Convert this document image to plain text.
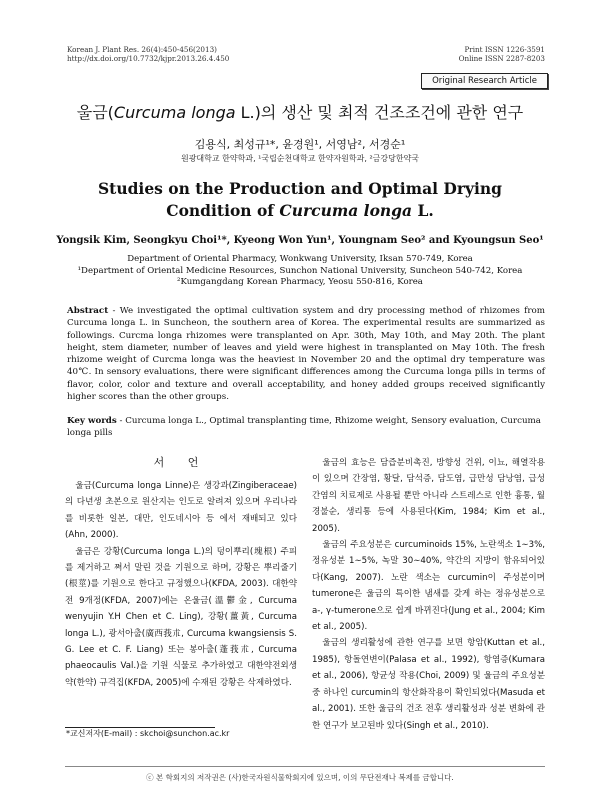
Korean J. Plant Res. 26(4):450-456(2013)
http://dx.doi.org/10.7732/kjpr.2013.26.4.450
Print ISSN 1226-3591
Online ISSN 2287-8203
Original Research Article
울금(Curcuma longa L.)의 생산 및 최적 건조조건에 관한 연구
김용식, 최성규¹*, 윤경원¹, 서영남², 서경순¹
원광대학교 한약학과, ¹국립순천대학교 한약자원학과, ²금강당한약국
Studies on the Production and Optimal Drying Condition of Curcuma longa L.
Yongsik Kim, Seongkyu Choi¹*, Kyeong Won Yun¹, Youngnam Seo² and Kyoungsun Seo¹
Department of Oriental Pharmacy, Wonkwang University, Iksan 570-749, Korea
¹Department of Oriental Medicine Resources, Sunchon National University, Suncheon 540-742, Korea
²Kumgangdang Korean Pharmacy, Yeosu 550-816, Korea
Abstract - We investigated the optimal cultivation system and dry processing method of rhizomes from Curcuma longa L. in Suncheon, the southern area of Korea. The experimental results are summarized as followings. Curcma longa rhizomes were transplanted on Apr. 30th, May 10th, and May 20th. The plant height, stem diameter, number of leaves and yield were highest in transplanted on May 10th. The fresh rhizome weight of Curcma longa was the heaviest in November 20 and the optimal dry temperature was 40℃. In sensory evaluations, there were significant differences among the Curcuma longa pills in terms of flavor, color, color and texture and overall acceptability, and honey added groups received significantly higher scores than the other groups.
Key words - Curcuma longa L., Optimal transplanting time, Rhizome weight, Sensory evaluation, Curcuma longa pills
서 언

울금(Curcuma longa Linne)은 생강과(Zingiberaceae)의 다년생 초본으로 원산지는 인도로 알려져 있으며 우리나라를 비롯한 일본, 대만, 인도네시아 등 에서 재배되고 있다(Ahn, 2000).

울금은 강황(Curcuma longa L.)의 덩이뿌리(塊根) 주피를 제거하고 쪄서 말린 것을 기원으로 하며, 강황은 뿌리줄기(根莖)를 기원으로 한다고 규정했으나(KFDA, 2003). 대한약전 9개정(KFDA, 2007)에는 온울금(溫鬱金, Curcuma wenyujin Y.H Chen et C. Ling), 강황(薑黃, Curcuma longa L.), 광서아출(廣西莪朮, Curcuma kwangsiensis S. G. Lee et C. F. Liang) 또는 봉아출(蓬莪朮, Curcuma phaeocaulis Val.)을 기원 식물로 추가하였고 대한약전외생약(한약) 규격집(KFDA, 2005)에 수재된 강황은 삭제하였다.

울금의 효능은 담즙분비촉진, 방향성 건위, 이뇨, 해열작용이 있으며 간장염, 황달, 담석증, 담도염, 급만성 담낭염, 급성간염의 치료제로 사용될 뿐만 아니라 스트레스로 인한 흉통, 월경불순, 생리통 등에 사용된다(Kim, 1984; Kim et al., 2005).

울금의 주요성분은 curcuminoids 15%, 노란색소 1∼3%, 정유성분 1∼5%, 녹말 30∼40%, 약간의 지방이 함유되어있다(Kang, 2007). 노란 색소는 curcumin이 주성분이며 tumerone은 울금의 특이한 냄새를 갖게 하는 정유성분으로 a-, γ-tumerone으로 쉽게 바뀌진다(Jung et al., 2004; Kim et al., 2005).

울금의 생리활성에 관한 연구를 보면 항암(Kuttan et al., 1985), 항돌연변이(Palasa et al., 1992), 항염증(Kumara et al., 2006), 항균성 작용(Choi, 2009) 및 울금의 주요성분 중 하나인 curcumin의 항산화작용이 확인되었다(Masuda et al., 2001). 또한 울금의 건조 전후 생리활성과 성분 변화에 관한 연구가 보고된바 있다(Singh et al., 2010).

*교신저자(E-mail) : skchoi@sunchon.ac.kr
ⓒ 본 학회지의 저작권은 (사)한국자원식물학회지에 있으며, 이의 무단전재나 복제를 금합니다.
